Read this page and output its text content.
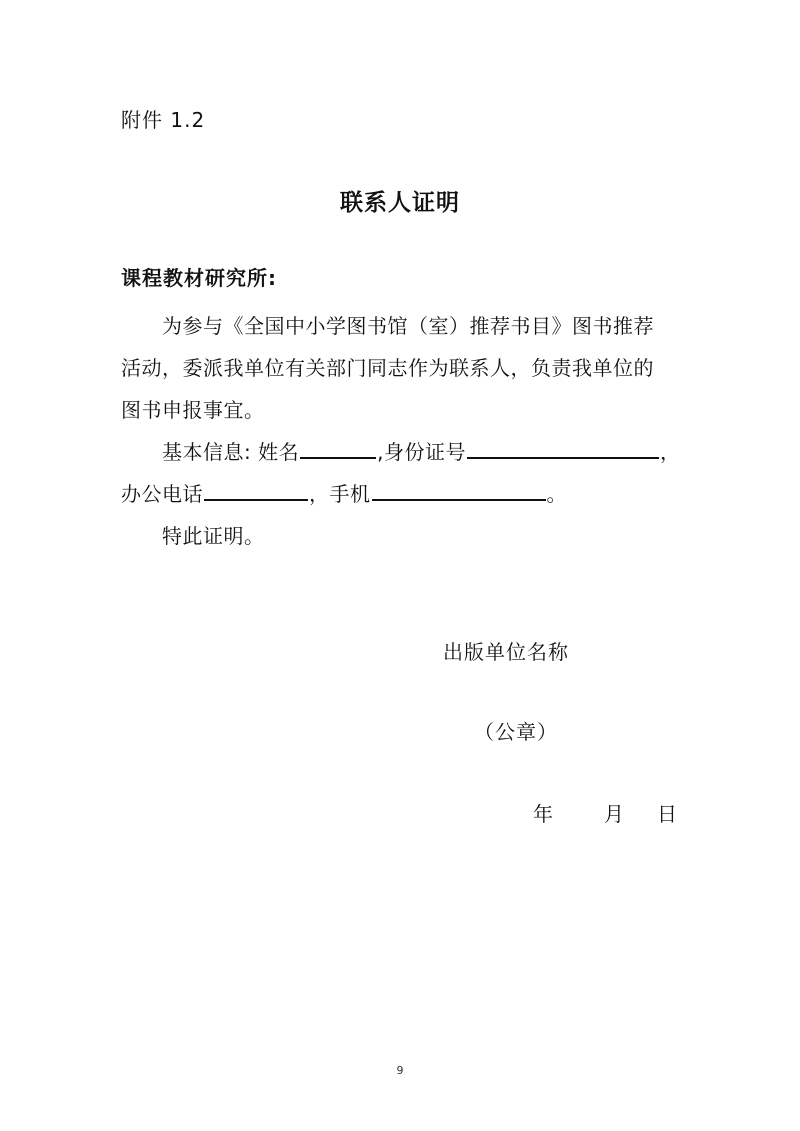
附件 1.2
联系人证明
课程教材研究所:
为参与《全国中小学图书馆（室）推荐书目》图书推荐
活动，委派我单位有关部门同志作为联系人，负责我单位的
图书申报事宜。
基本信息: 姓名	,身份证号	，
办公电话	，手机	。
特此证明。
出版单位名称
（公章）
年	月 日
9
